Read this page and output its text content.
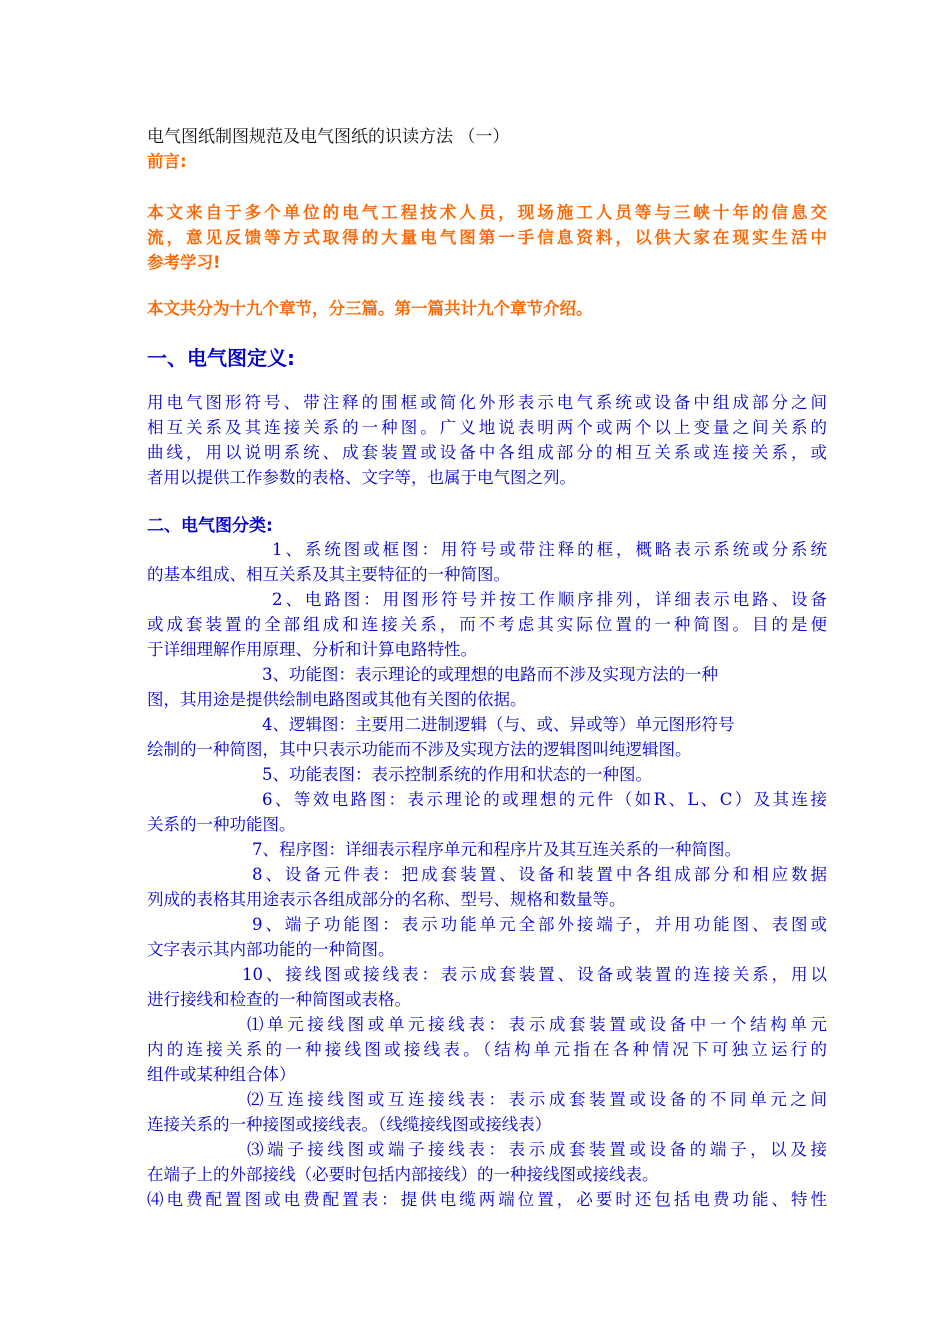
电气图纸制图规范及电气图纸的识读方法 （一）
前言:
本文来自于多个单位的电气工程技术人员，现场施工人员等与三峡十年的信息交
流，意见反馈等方式取得的大量电气图第一手信息资料，以供大家在现实生活中
参考学习!
本文共分为十九个章节，分三篇。第一篇共计九个章节介绍。
一、电气图定义:
用电气图形符号、带注释的围框或简化外形表示电气系统或设备中组成部分之间
相互关系及其连接关系的一种图。广义地说表明两个或两个以上变量之间关系的
曲线，用以说明系统、成套装置或设备中各组成部分的相互关系或连接关系，或
者用以提供工作参数的表格、文字等，也属于电气图之列。
二、电气图分类:
1、系统图或框图：用符号或带注释的框，概略表示系统或分系统
的基本组成、相互关系及其主要特征的一种简图。
2、电路图：用图形符号并按工作顺序排列，详细表示电路、设备
或成套装置的全部组成和连接关系，而不考虑其实际位置的一种简图。目的是便
于详细理解作用原理、分析和计算电路特性。
3、功能图：表示理论的或理想的电路而不涉及实现方法的一种
图，其用途是提供绘制电路图或其他有关图的依据。
4、逻辑图：主要用二进制逻辑（与、或、异或等）单元图形符号
绘制的一种简图，其中只表示功能而不涉及实现方法的逻辑图叫纯逻辑图。
5、功能表图：表示控制系统的作用和状态的一种图。
6、等效电路图：表示理论的或理想的元件（如R、L、C）及其连接
关系的一种功能图。
7、程序图：详细表示程序单元和程序片及其互连关系的一种简图。
8、设备元件表：把成套装置、设备和装置中各组成部分和相应数据
列成的表格其用途表示各组成部分的名称、型号、规格和数量等。
9、端子功能图：表示功能单元全部外接端子，并用功能图、表图或
文字表示其内部功能的一种简图。
10、接线图或接线表：表示成套装置、设备或装置的连接关系，用以
进行接线和检查的一种简图或表格。
⑴单元接线图或单元接线表：表示成套装置或设备中一个结构单元
内的连接关系的一种接线图或接线表。（结构单元指在各种情况下可独立运行的
组件或某种组合体）
⑵互连接线图或互连接线表：表示成套装置或设备的不同单元之间
连接关系的一种接图或接线表。（线缆接线图或接线表）
⑶端子接线图或端子接线表：表示成套装置或设备的端子，以及接
在端子上的外部接线（必要时包括内部接线）的一种接线图或接线表。
⑷电费配置图或电费配置表：提供电缆两端位置，必要时还包括电费功能、特性
